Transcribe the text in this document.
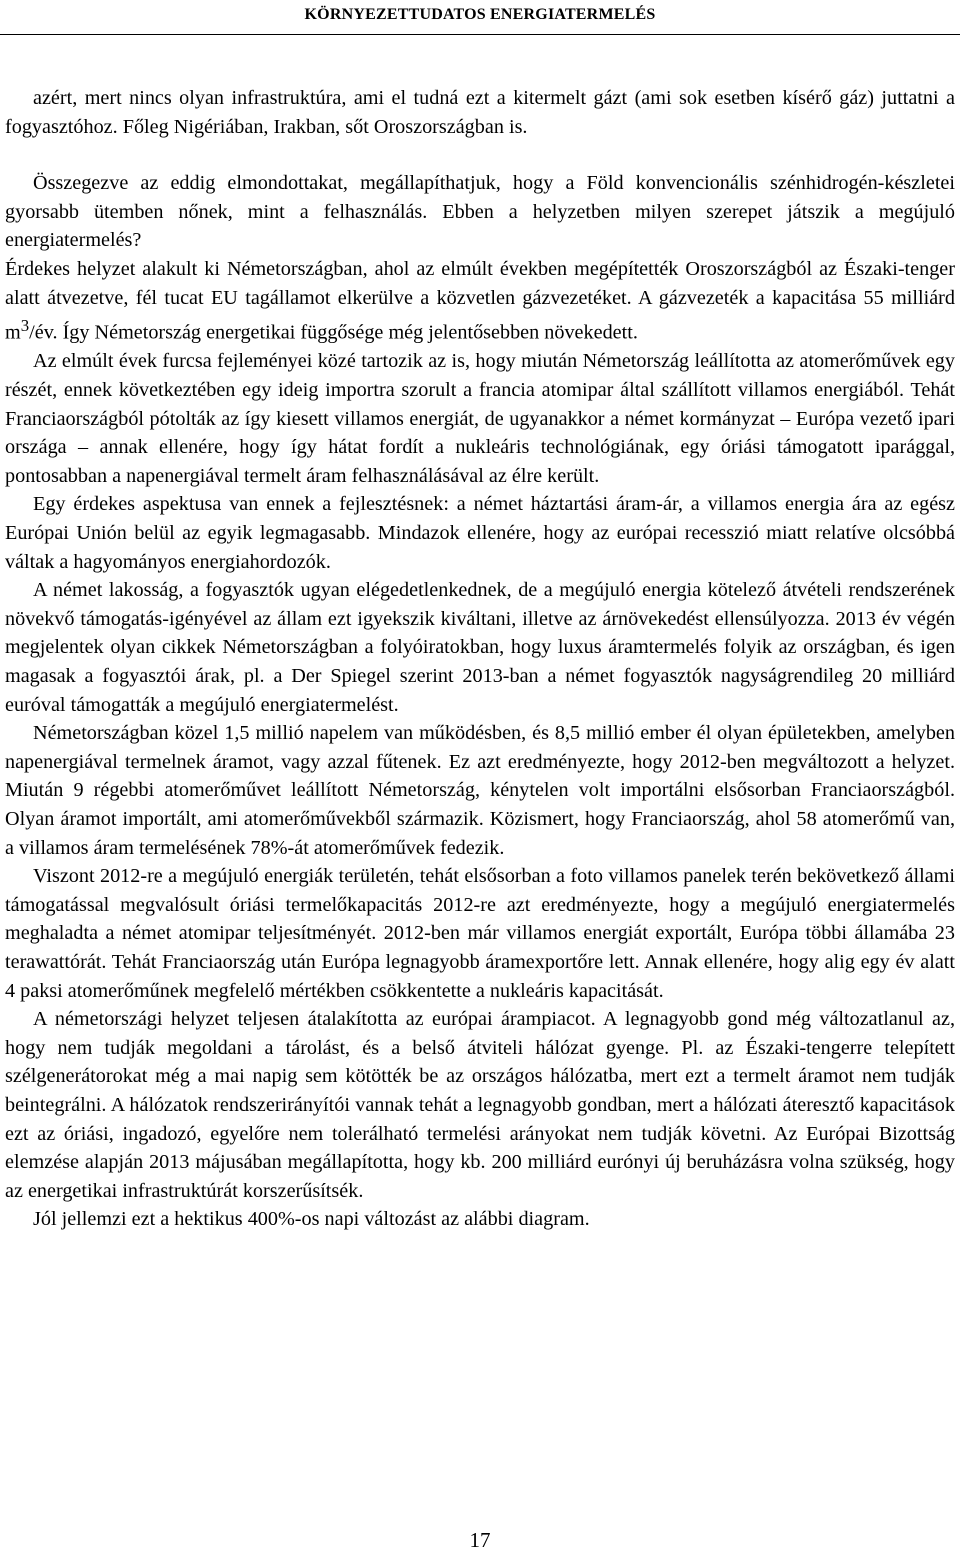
KÖRNYEZETTUDATOS ENERGIATERMELÉS

azért, mert nincs olyan infrastruktúra, ami el tudná ezt a kitermelt gázt (ami sok esetben kísérő gáz) juttatni a fogyasztóhoz. Főleg Nigériában, Irakban, sőt Oroszországban is.

Összegezve az eddig elmondottakat, megállapíthatjuk, hogy a Föld konvencionális szénhidrogén-készletei gyorsabb ütemben nőnek, mint a felhasználás. Ebben a helyzetben milyen szerepet játszik a megújuló energiatermelés?

Érdekes helyzet alakult ki Németországban, ahol az elmúlt években megépítették Oroszországból az Északi-tenger alatt átvezetve, fél tucat EU tagállamot elkerülve a közvetlen gázvezetéket. A gázvezeték a kapacitása 55 milliárd $m^3/év$. Így Németország energetikai függősége még jelentősebben növekedett.

Az elmúlt évek furcsa fejleményei közé tartozik az is, hogy miután Németország leállította az atomerőművek egy részét, ennek következtében egy ideig importra szorult a francia atomipar által szállított villamos energiából. Tehát Franciaországból pótolták az így kiesett villamos energiát, de ugyanakkor a német kormányzat – Európa vezető ipari országa – annak ellenére, hogy így hátat fordít a nukleáris technológiának, egy óriási támogatott iparággal, pontosabban a napenergiával termelt áram felhasználásával az élre került.

Egy érdekes aspektusa van ennek a fejlesztésnek: a német háztartási áram-ár, a villamos energia ára az egész Európai Unión belül az egyik legmagasabb. Mindazok ellenére, hogy az európai recesszió miatt relatíve olcsóbbá váltak a hagyományos energiahordozók.

A német lakosság, a fogyasztók ugyan elégedetlenkednek, de a megújuló energia kötelező átvételi rendszerének növekvő támogatás-igényével az állam ezt igyekszik kiváltani, illetve az árnövekedést ellensúlyozza. 2013 év végén megjelentek olyan cikkek Németországban a folyóiratokban, hogy luxus áramtermelés folyik az országban, és igen magasak a fogyasztói árak, pl. a Der Spiegel szerint 2013-ban a német fogyasztók nagyságrendileg 20 milliárd euróval támogatták a megújuló energiatermelést.

Németországban közel 1,5 millió napelem van működésben, és 8,5 millió ember él olyan épületekben, amelyben napenergiával termelnek áramot, vagy azzal fűtenek. Ez azt eredményezte, hogy 2012-ben megváltozott a helyzet. Miután 9 régebbi atomerőművet leállított Németország, kénytelen volt importálni elsősorban Franciaországból. Olyan áramot importált, ami atomerőművekből származik. Közismert, hogy Franciaország, ahol 58 atomerőmű van, a villamos áram termelésének 78%-át atomerőművek fedezik.

Viszont 2012-re a megújuló energiák területén, tehát elsősorban a foto villamos panelek terén bekövetkező állami támogatással megvalósult óriási termelőkapacitás 2012-re azt eredményezte, hogy a megújuló energiatermelés meghaladta a német atomipar teljesítményét. 2012-ben már villamos energiát exportált, Európa többi államába 23 terawattórát. Tehát Franciaország után Európa legnagyobb áramexportőre lett. Annak ellenére, hogy alig egy év alatt 4 paksi atomerőműnek megfelelő mértékben csökkentette a nukleáris kapacitását.

A németországi helyzet teljesen átalakította az európai árampiacot. A legnagyobb gond még változatlanul az, hogy nem tudják megoldani a tárolást, és a belső átviteli hálózat gyenge. Pl. az Északi-tengerre telepített szélgenerátorokat még a mai napig sem kötötték be az országos hálózatba, mert ezt a termelt áramot nem tudják beintegrálni. A hálózatok rendszerirányítói vannak tehát a legnagyobb gondban, mert a hálózati áteresztő kapacitások ezt az óriási, ingadozó, egyelőre nem tolerálható termelési arányokat nem tudják követni. Az Európai Bizottság elemzése alapján 2013 májusában megállapította, hogy kb. 200 milliárd eurónyi új beruházásra volna szükség, hogy az energetikai infrastruktúrát korszerűsítsék.

Jól jellemzi ezt a hektikus 400%-os napi változást az alábbi diagram.

17
